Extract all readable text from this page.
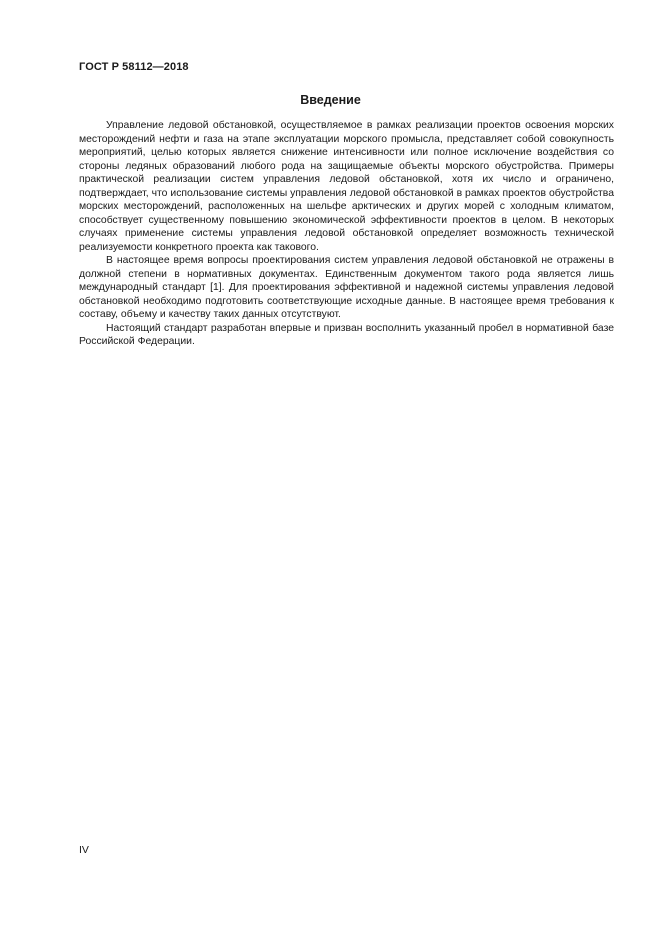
ГОСТ Р 58112—2018
Введение

Управление ледовой обстановкой, осуществляемое в рамках реализации проектов освоения морских месторождений нефти и газа на этапе эксплуатации морского промысла, представляет собой совокупность мероприятий, целью которых является снижение интенсивности или полное исключение воздействия со стороны ледяных образований любого рода на защищаемые объекты морского обустройства. Примеры практической реализации систем управления ледовой обстановкой, хотя их число и ограничено, подтверждает, что использование системы управления ледовой обстановкой в рамках проектов обустройства морских месторождений, расположенных на шельфе арктических и других морей с холодным климатом, способствует существенному повышению экономической эффективности проектов в целом. В некоторых случаях применение системы управления ледовой обстановкой определяет возможность технической реализуемости конкретного проекта как такового.

В настоящее время вопросы проектирования систем управления ледовой обстановкой не отражены в должной степени в нормативных документах. Единственным документом такого рода является лишь международный стандарт [1]. Для проектирования эффективной и надежной системы управления ледовой обстановкой необходимо подготовить соответствующие исходные данные. В настоящее время требования к составу, объему и качеству таких данных отсутствуют.

Настоящий стандарт разработан впервые и призван восполнить указанный пробел в нормативной базе Российской Федерации.

IV
